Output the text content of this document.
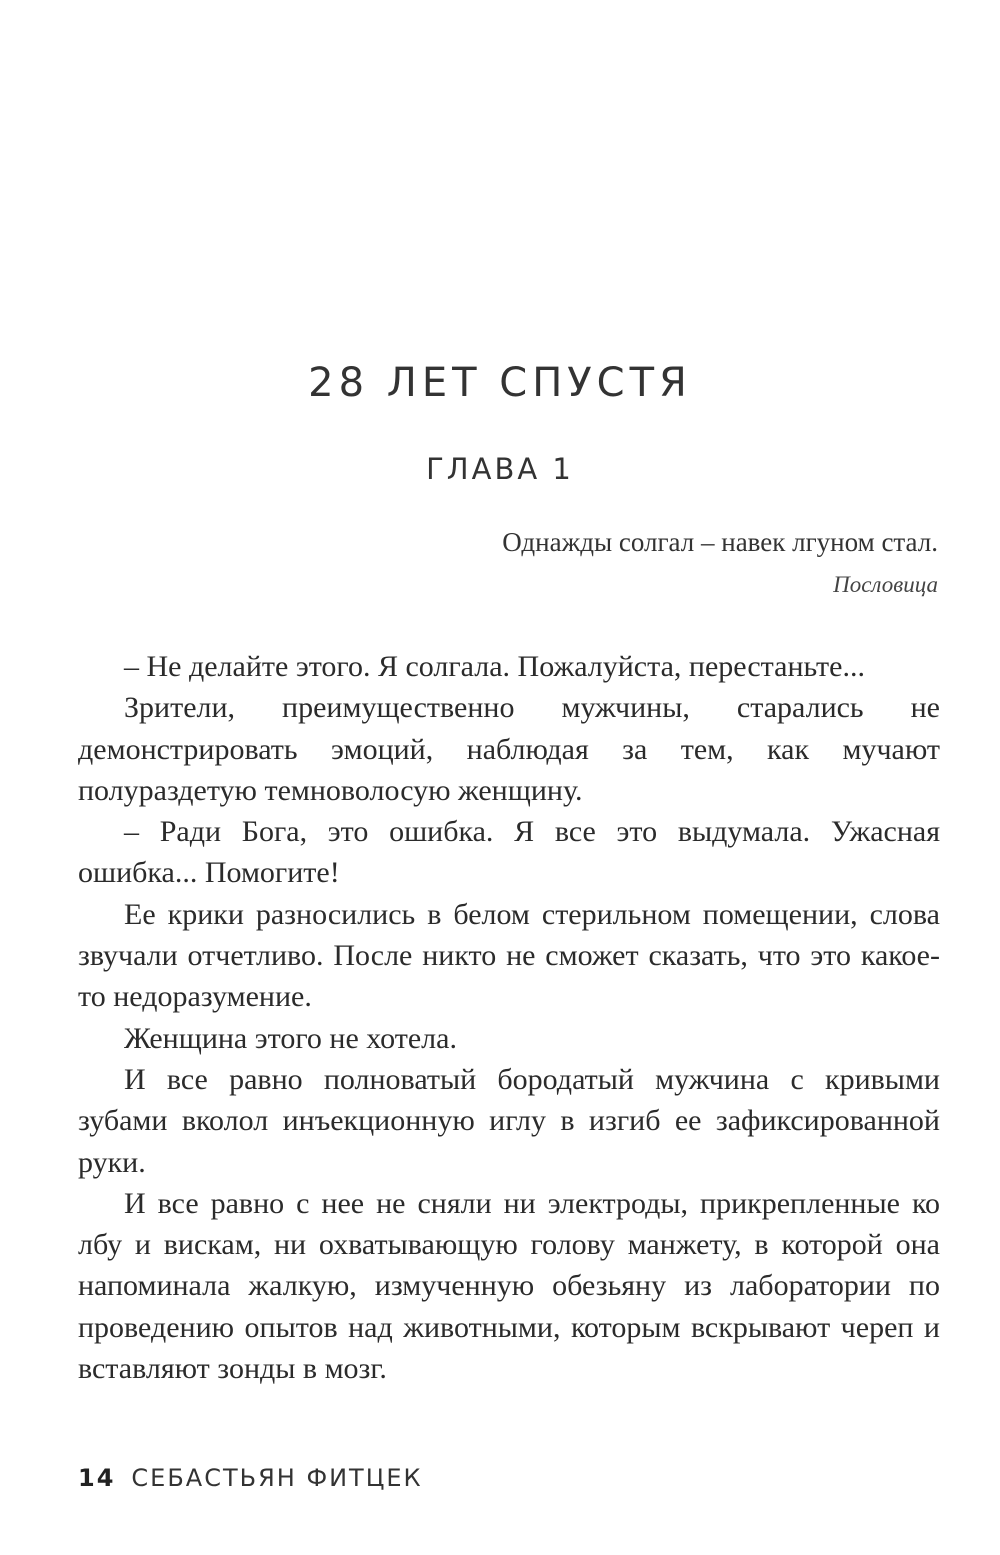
28 ЛЕТ СПУСТЯ
ГЛАВА 1
Однажды солгал – навек лгуном стал.
Пословица

– Не делайте этого. Я солгала. Пожалуйста, перестаньте...

Зрители, преимущественно мужчины, старались не демонстрировать эмоций, наблюдая за тем, как мучают полураздетую темноволосую женщину.

– Ради Бога, это ошибка. Я все это выдумала. Ужасная ошибка... Помогите!

Ее крики разносились в белом стерильном помещении, слова звучали отчетливо. После никто не сможет сказать, что это какое-то недоразумение.

Женщина этого не хотела.

И все равно полноватый бородатый мужчина с кривыми зубами вколол инъекционную иглу в изгиб ее зафиксированной руки.

И все равно с нее не сняли ни электроды, прикрепленные ко лбу и вискам, ни охватывающую голову манжету, в которой она напоминала жалкую, измученную обезьяну из лаборатории по проведению опытов над животными, которым вскрывают череп и вставляют зонды в мозг.

14 СЕБАСТЬЯН ФИТЦЕК
